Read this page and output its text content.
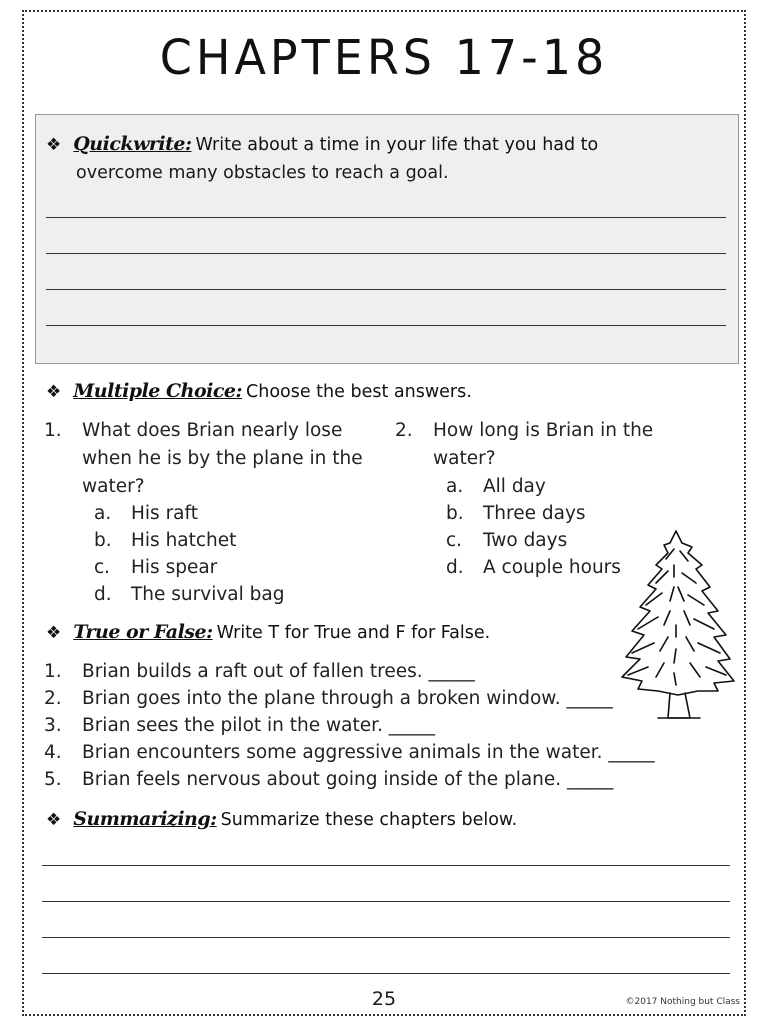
CHAPTERS 17-18
❖ Quickwrite: Write about a time in your life that you had to
overcome many obstacles to reach a goal.
❖ Multiple Choice: Choose the best answers.
1. What does Brian nearly lose
when he is by the plane in the
water?
a. His raft
b. His hatchet
c. His spear
d. The survival bag
2. How long is Brian in the
water?
a. All day
b. Three days
c. Two days
d. A couple hours
❖ True or False: Write T for True and F for False.
1. Brian builds a raft out of fallen trees. _____
2. Brian goes into the plane through a broken window. _____
3. Brian sees the pilot in the water. _____
4. Brian encounters some aggressive animals in the water. _____
5. Brian feels nervous about going inside of the plane. _____
❖ Summarizing: Summarize these chapters below.
25	©2017 Nothing but Class
